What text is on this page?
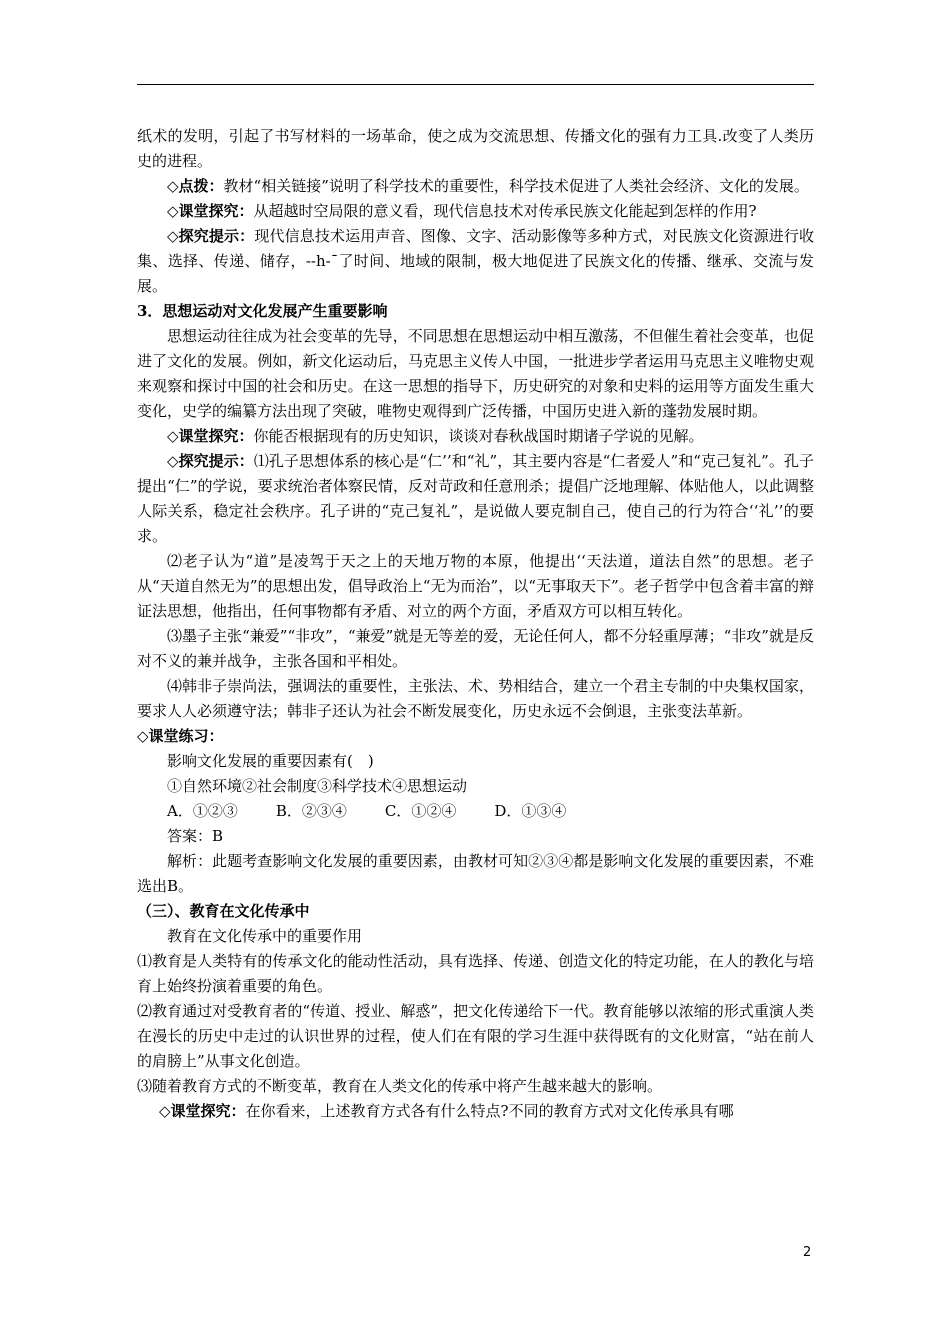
纸术的发明，引起了书写材料的一场革命，使之成为交流思想、传播文化的强有力工具.改变了人类历史的进程。

◇点拨：教材“相关链接”说明了科学技术的重要性，科学技术促进了人类社会经济、文化的发展。

◇课堂探究：从超越时空局限的意义看，现代信息技术对传承民族文化能起到怎样的作用?

◇探究提示：现代信息技术运用声音、图像、文字、活动影像等多种方式，对民族文化资源进行收集、选择、传递、储存，--h-ˉ了时间、地域的限制，极大地促进了民族文化的传播、继承、交流与发展。

3．思想运动对文化发展产生重要影响

思想运动往往成为社会变革的先导，不同思想在思想运动中相互激荡，不但催生着社会变革，也促进了文化的发展。例如，新文化运动后，马克思主义传人中国，一批进步学者运用马克思主义唯物史观来观察和探讨中国的社会和历史。在这一思想的指导下，历史研究的对象和史料的运用等方面发生重大变化，史学的编纂方法出现了突破，唯物史观得到广泛传播，中国历史进入新的蓬勃发展时期。

◇课堂探究：你能否根据现有的历史知识，谈谈对春秋战国时期诸子学说的见解。

◇探究提示：⑴孔子思想体系的核心是“仁’’和“礼”，其主要内容是“仁者爱人”和“克己复礼”。孔子提出“仁”的学说，要求统治者体察民情，反对苛政和任意刑杀；提倡广泛地理解、体贴他人，以此调整人际关系，稳定社会秩序。孔子讲的“克己复礼”，是说做人要克制自己，使自己的行为符合‘‘礼’’的要求。

⑵老子认为“道”是凌驾于天之上的天地万物的本原，他提出‘‘天法道，道法自然”的思想。老子从“天道自然无为”的思想出发，倡导政治上“无为而治”，以“无事取天下”。老子哲学中包含着丰富的辩证法思想，他指出，任何事物都有矛盾、对立的两个方面，矛盾双方可以相互转化。

⑶墨子主张“兼爱”“非攻”，“兼爱”就是无等差的爱，无论任何人，都不分轻重厚薄；“非攻”就是反对不义的兼并战争，主张各国和平相处。

⑷韩非子崇尚法，强调法的重要性，主张法、术、势相结合，建立一个君主专制的中央集权国家，要求人人必须遵守法；韩非子还认为社会不断发展变化，历史永远不会倒退，主张变法革新。

◇课堂练习：

影响文化发展的重要因素有(　)

①自然环境②社会制度③科学技术④思想运动

A．①②③	B．②③④	C．①②④	D．①③④

答案：B

解析：此题考查影响文化发展的重要因素，由教材可知②③④都是影响文化发展的重要因素，不难选出B。

（三）、教育在文化传承中

教育在文化传承中的重要作用

⑴教育是人类特有的传承文化的能动性活动，具有选择、传递、创造文化的特定功能，在人的教化与培育上始终扮演着重要的角色。

⑵教育通过对受教育者的“传道、授业、解惑”，把文化传递给下一代。教育能够以浓缩的形式重演人类在漫长的历史中走过的认识世界的过程，使人们在有限的学习生涯中获得既有的文化财富，“站在前人的肩膀上”从事文化创造。

⑶随着教育方式的不断变革，教育在人类文化的传承中将产生越来越大的影响。

◇课堂探究：在你看来，上述教育方式各有什么特点?不同的教育方式对文化传承具有哪

2
